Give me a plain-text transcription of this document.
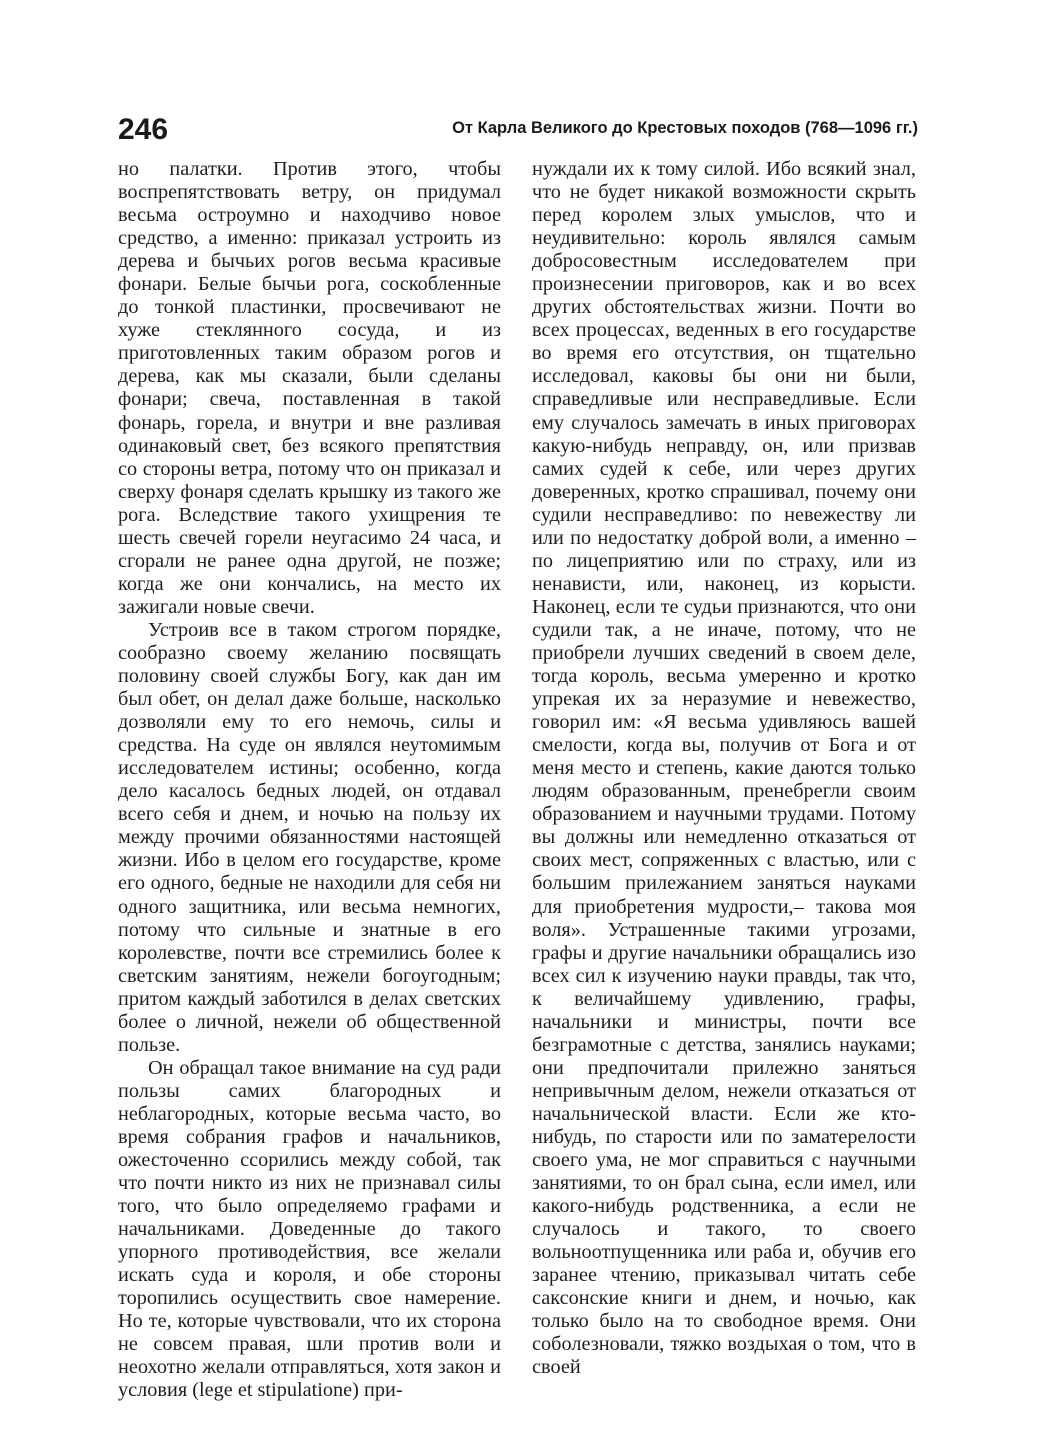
246	От Карла Великого до Крестовых походов (768—1096 гг.)

но палатки. Против этого, чтобы воспрепятствовать ветру, он придумал весьма остроумно и находчиво новое средство, а именно: приказал устроить из дерева и бычьих рогов весьма красивые фонари. Белые бычьи рога, соскобленные до тонкой пластинки, просвечивают не хуже стеклянного сосуда, и из приготовленных таким образом рогов и дерева, как мы сказали, были сделаны фонари; свеча, поставленная в такой фонарь, горела, и внутри и вне разливая одинаковый свет, без всякого препятствия со стороны ветра, потому что он приказал и сверху фонаря сделать крышку из такого же рога. Вследствие такого ухищрения те шесть свечей горели неугасимо 24 часа, и сгорали не ранее одна другой, не позже; когда же они кончались, на место их зажигали новые свечи.

Устроив все в таком строгом порядке, сообразно своему желанию посвящать половину своей службы Богу, как дан им был обет, он делал даже больше, насколько дозволяли ему то его немочь, силы и средства. На суде он являлся неутомимым исследователем истины; особенно, когда дело касалось бедных людей, он отдавал всего себя и днем, и ночью на пользу их между прочими обязанностями настоящей жизни. Ибо в целом его государстве, кроме его одного, бедные не находили для себя ни одного защитника, или весьма немногих, потому что сильные и знатные в его королевстве, почти все стремились более к светским занятиям, нежели богоугодным; притом каждый заботился в делах светских более о личной, нежели об общественной пользе.

Он обращал такое внимание на суд ради пользы самих благородных и неблагородных, которые весьма часто, во время собрания графов и начальников, ожесточенно ссорились между собой, так что почти никто из них не признавал силы того, что было определяемо графами и начальниками. Доведенные до такого упорного противодействия, все желали искать суда и короля, и обе стороны торопились осуществить свое намерение. Но те, которые чувствовали, что их сторона не совсем правая, шли против воли и неохотно желали отправляться, хотя закон и условия (lege et stipulatione) при-

нуждали их к тому силой. Ибо всякий знал, что не будет никакой возможности скрыть перед королем злых умыслов, что и неудивительно: король являлся самым добросовестным исследователем при произнесении приговоров, как и во всех других обстоятельствах жизни. Почти во всех процессах, веденных в его государстве во время его отсутствия, он тщательно исследовал, каковы бы они ни были, справедливые или несправедливые. Если ему случалось замечать в иных приговорах какую-нибудь неправду, он, или призвав самих судей к себе, или через других доверенных, кротко спрашивал, почему они судили несправедливо: по невежеству ли или по недостатку доброй воли, а именно – по лицеприятию или по страху, или из ненависти, или, наконец, из корысти. Наконец, если те судьи признаются, что они судили так, а не иначе, потому, что не приобрели лучших сведений в своем деле, тогда король, весьма умеренно и кротко упрекая их за неразумие и невежество, говорил им: «Я весьма удивляюсь вашей смелости, когда вы, получив от Бога и от меня место и степень, какие даются только людям образованным, пренебрегли своим образованием и научными трудами. Потому вы должны или немедленно отказаться от своих мест, сопряженных с властью, или с большим прилежанием заняться науками для приобретения мудрости,– такова моя воля». Устрашенные такими угрозами, графы и другие начальники обращались изо всех сил к изучению науки правды, так что, к величайшему удивлению, графы, начальники и министры, почти все безграмотные с детства, занялись науками; они предпочитали прилежно заняться непривычным делом, нежели отказаться от начальнической власти. Если же кто-нибудь, по старости или по заматерелости своего ума, не мог справиться с научными занятиями, то он брал сына, если имел, или какого-нибудь родственника, а если не случалось и такого, то своего вольноотпущенника или раба и, обучив его заранее чтению, приказывал читать себе саксонские книги и днем, и ночью, как только было на то свободное время. Они соболезновали, тяжко воздыхая о том, что в своей
